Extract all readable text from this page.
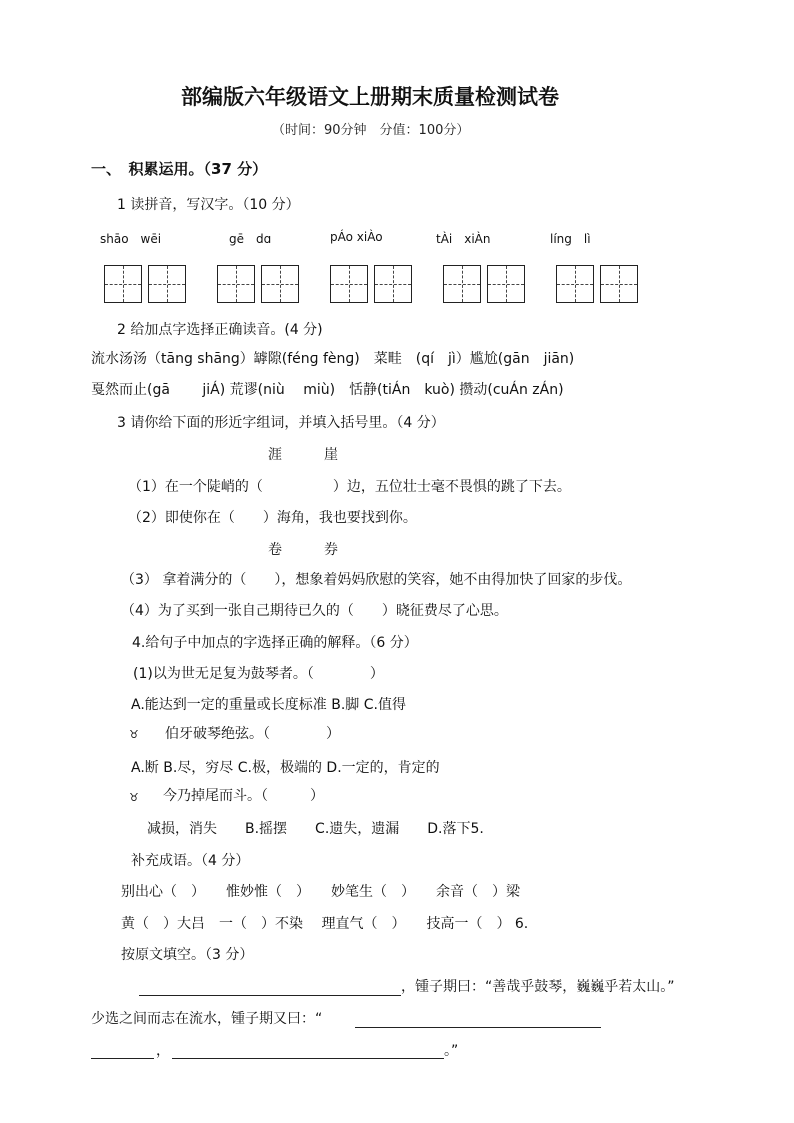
部编版六年级语文上册期末质量检测试卷
（时间：90分钟　分值：100分）
一、　积累运用。（37 分）
1 读拼音，写汉字。（10 分）
shāo　wēi	gē　dɑ	pÁo xiÀo	tÀi　xiÀn	líng　lì
2 给加点字选择正确读音。(4 分)
流水汤汤（tāng shāng）罅隙(fénɡ fènɡ)　菜畦　(qí　jì）尴尬(gān　jiān)
戛然而止(gā　　 jiÁ) 荒谬(niù　 miù)　恬静(tiÁn　kuò) 攒动(cuÁn zÁn)
3 请你给下面的形近字组词，并填入括号里。（4 分）
涯　　　崖
（1）在一个陡峭的（　　　　　）边，五位壮士毫不畏惧的跳了下去。
（2）即使你在（　　）海角，我也要找到你。
卷　　　券
（3） 拿着满分的（　　），想象着妈妈欣慰的笑容，她不由得加快了回家的步伐。
（4）为了买到一张自己期待已久的（　　）晓征费尽了心思。
4.给句子中加点的字选择正确的解释。（6 分）
(1)以为世无足复为鼓琴者。（　　　　）
A.能达到一定的重量或长度标准 B.脚 C.值得
♉ 伯牙破琴绝弦。（　　　　）
A.断 B.尽，穷尽 C.极，极端的 D.一定的，肯定的
♉ 今乃掉尾而斗。（　　　）
减损，消失　　B.摇摆　　C.遗失，遗漏　　D.落下5.
补充成语。（4 分）
别出心（　）　　惟妙惟（　）　　妙笔生（　）　　余音（　）梁
黄（　）大吕　一（　）不染　 理直气（　）　　技高一（　） 6.
按原文填空。（3 分）
，锺子期曰：“善哉乎鼓琴，巍巍乎若太山。”
少选之间而志在流水，锺子期又曰：“
，	。”
